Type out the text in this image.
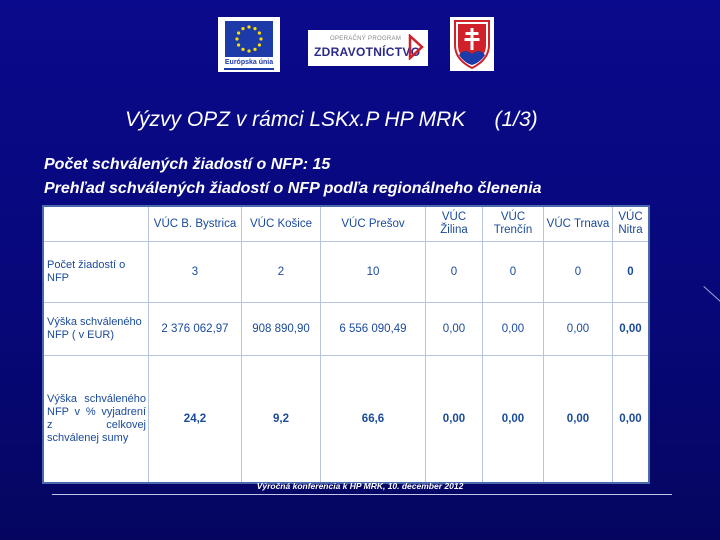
Európska únia
OPERAČNÝ PROGRAM
ZDRAVOTNÍCTVO
Výzvy OPZ v rámci LSKx.P HP MRK     (1/3)
Počet schválených žiadostí o NFP: 15
Prehľad schválených žiadostí o NFP podľa regionálneho členenia
	VÚC B. Bystrica	VÚC Košice	VÚC Prešov	VÚC Žilina	VÚC Trenčín	VÚC Trnava	VÚC Nitra
Počet žiadostí o NFP	3	2	10	0	0	0	0
Výška schváleného NFP ( v EUR)	2 376 062,97	908 890,90	6 556 090,49	0,00	0,00	0,00	0,00
Výška schváleného NFP v % vyjadrení z celkovej schválenej sumy	24,2	9,2	66,6	0,00	0,00	0,00	0,00
Výročná konferencia k HP MRK, 10. december 2012
